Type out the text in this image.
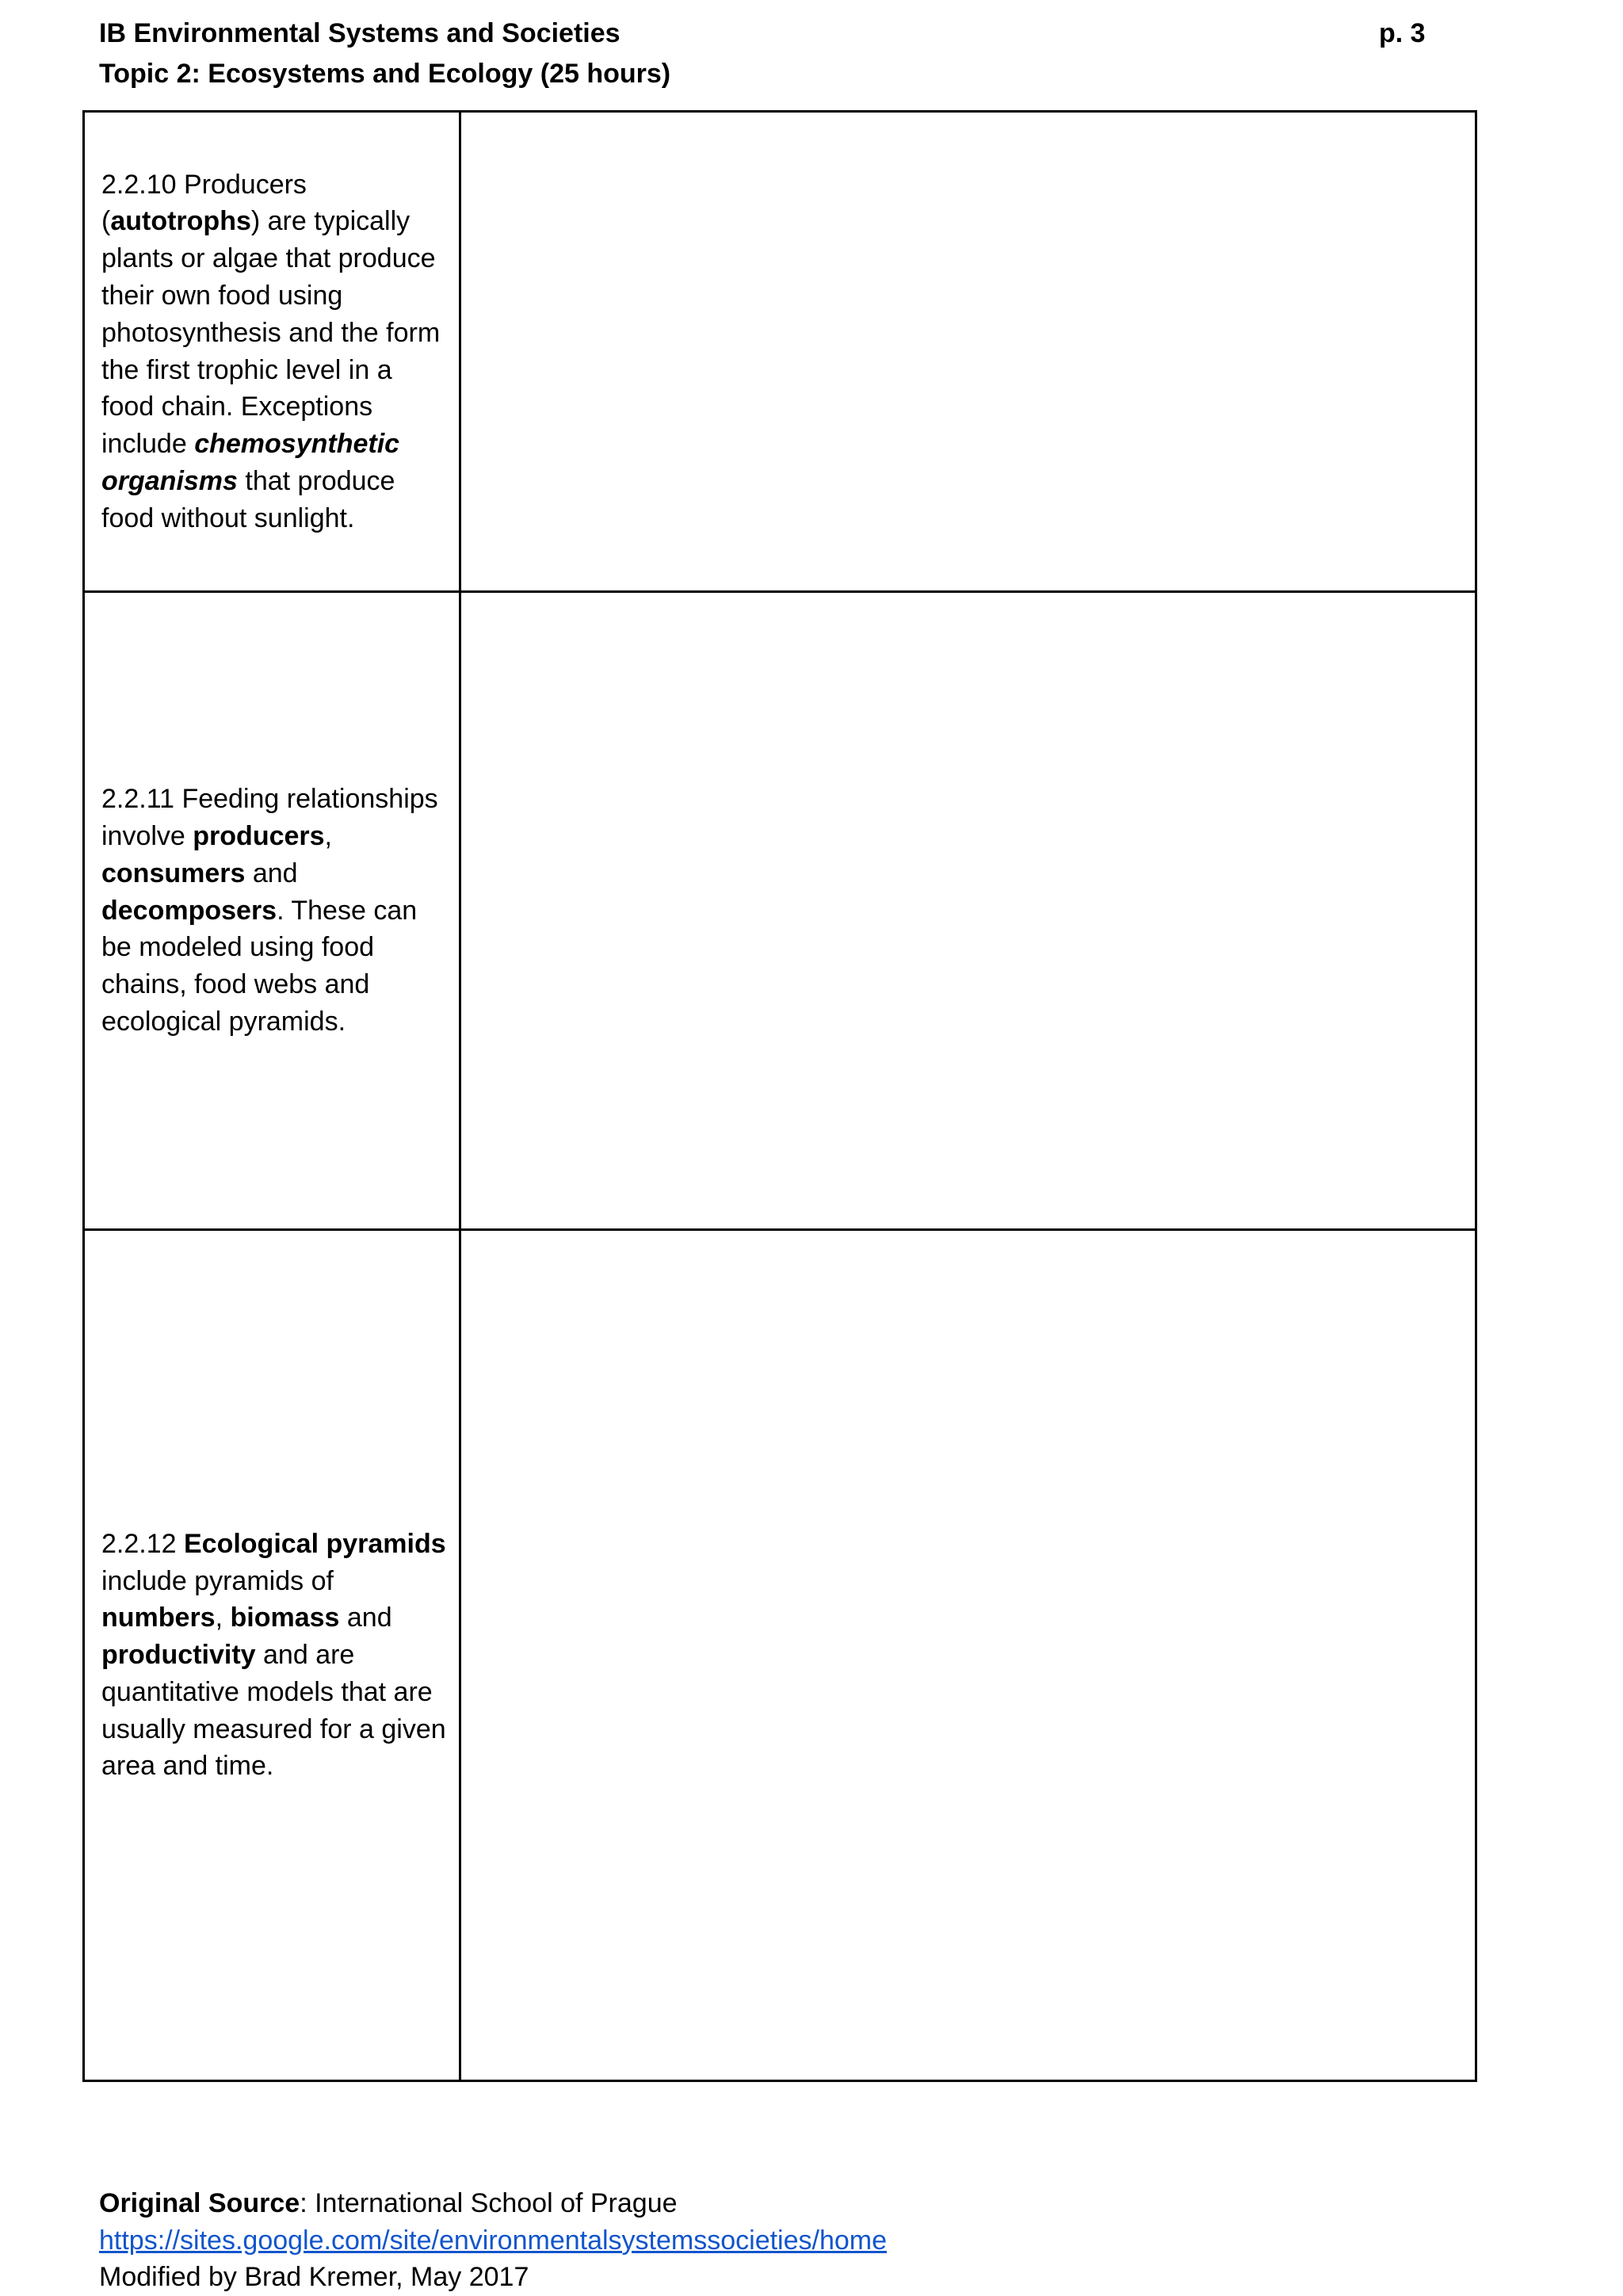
IB Environmental Systems and Societies
Topic 2: Ecosystems and Ecology (25 hours)
p. 3
2.2.10 Producers (autotrophs) are typically plants or algae that produce their own food using photosynthesis and the form the first trophic level in a food chain. Exceptions include chemosynthetic organisms that produce food without sunlight.	
2.2.11 Feeding relationships involve producers, consumers and decomposers. These can be modeled using food chains, food webs and ecological pyramids.	
2.2.12 Ecological pyramids include pyramids of numbers, biomass and productivity and are quantitative models that are usually measured for a given area and time.	
Original Source: International School of Prague
https://sites.google.com/site/environmentalsystemssocieties/home
Modified by Brad Kremer, May 2017
